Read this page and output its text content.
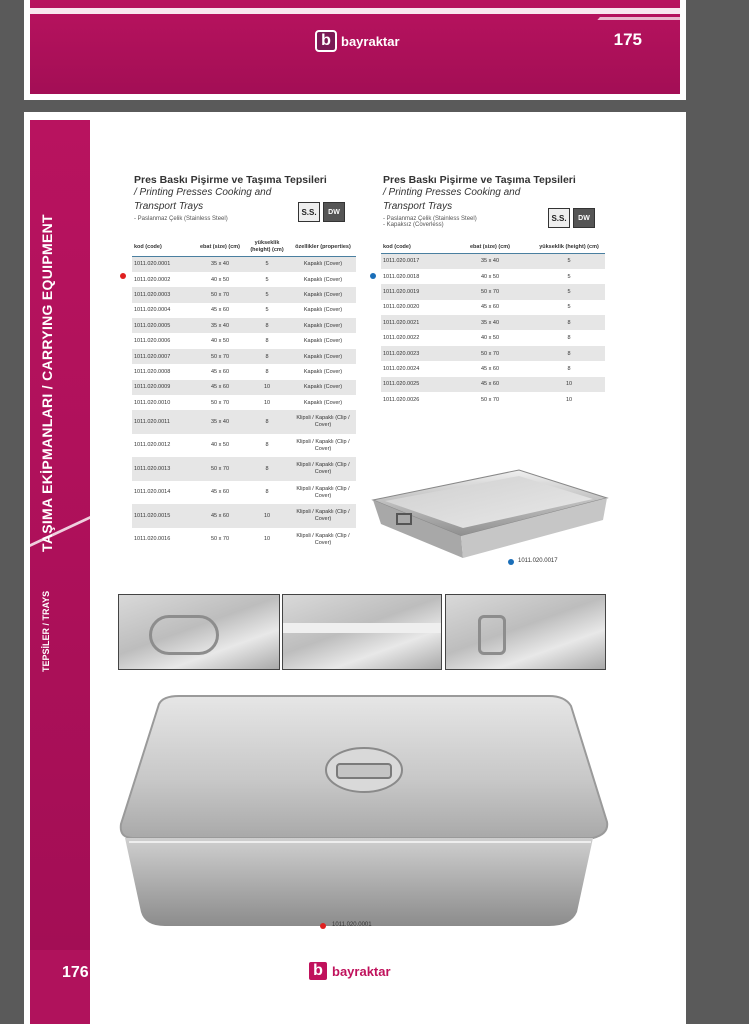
b bayraktar	175
TAŞIMA EKİPMANLARI / CARRYING EQUIPMENT
TEPSİLER / TRAYS
176	b bayraktar
Pres Baskı Pişirme ve Taşıma Tepsileri
/ Printing Presses Cooking and
Transport Trays
- Paslanmaz Çelik (Stainless Steel)
S.S.	DW
kod (code)	ebat (size) (cm)	yükseklik (height) (cm)	özellikler (properties)
1011.020.0001	35 x 40	5	Kapaklı (Cover)
1011.020.0002	40 x 50	5	Kapaklı (Cover)
1011.020.0003	50 x 70	5	Kapaklı (Cover)
1011.020.0004	45 x 60	5	Kapaklı (Cover)
1011.020.0005	35 x 40	8	Kapaklı (Cover)
1011.020.0006	40 x 50	8	Kapaklı (Cover)
1011.020.0007	50 x 70	8	Kapaklı (Cover)
1011.020.0008	45 x 60	8	Kapaklı (Cover)
1011.020.0009	45 x 60	10	Kapaklı (Cover)
1011.020.0010	50 x 70	10	Kapaklı (Cover)
1011.020.0011	35 x 40	8	Klipsli / Kapaklı (Clip / Cover)
1011.020.0012	40 x 50	8	Klipsli / Kapaklı (Clip / Cover)
1011.020.0013	50 x 70	8	Klipsli / Kapaklı (Clip / Cover)
1011.020.0014	45 x 60	8	Klipsli / Kapaklı (Clip / Cover)
1011.020.0015	45 x 60	10	Klipsli / Kapaklı (Clip / Cover)
1011.020.0016	50 x 70	10	Klipsli / Kapaklı (Clip / Cover)
Pres Baskı Pişirme ve Taşıma Tepsileri
/ Printing Presses Cooking and
Transport Trays
- Paslanmaz Çelik (Stainless Steel)
- Kapaksız (Coverless)
S.S.	DW
kod (code)	ebat (size) (cm)	yükseklik (height) (cm)
1011.020.0017	35 x 40	5
1011.020.0018	40 x 50	5
1011.020.0019	50 x 70	5
1011.020.0020	45 x 60	5
1011.020.0021	35 x 40	8
1011.020.0022	40 x 50	8
1011.020.0023	50 x 70	8
1011.020.0024	45 x 60	8
1011.020.0025	45 x 60	10
1011.020.0026	50 x 70	10
1011.020.0017
1011.020.0001
